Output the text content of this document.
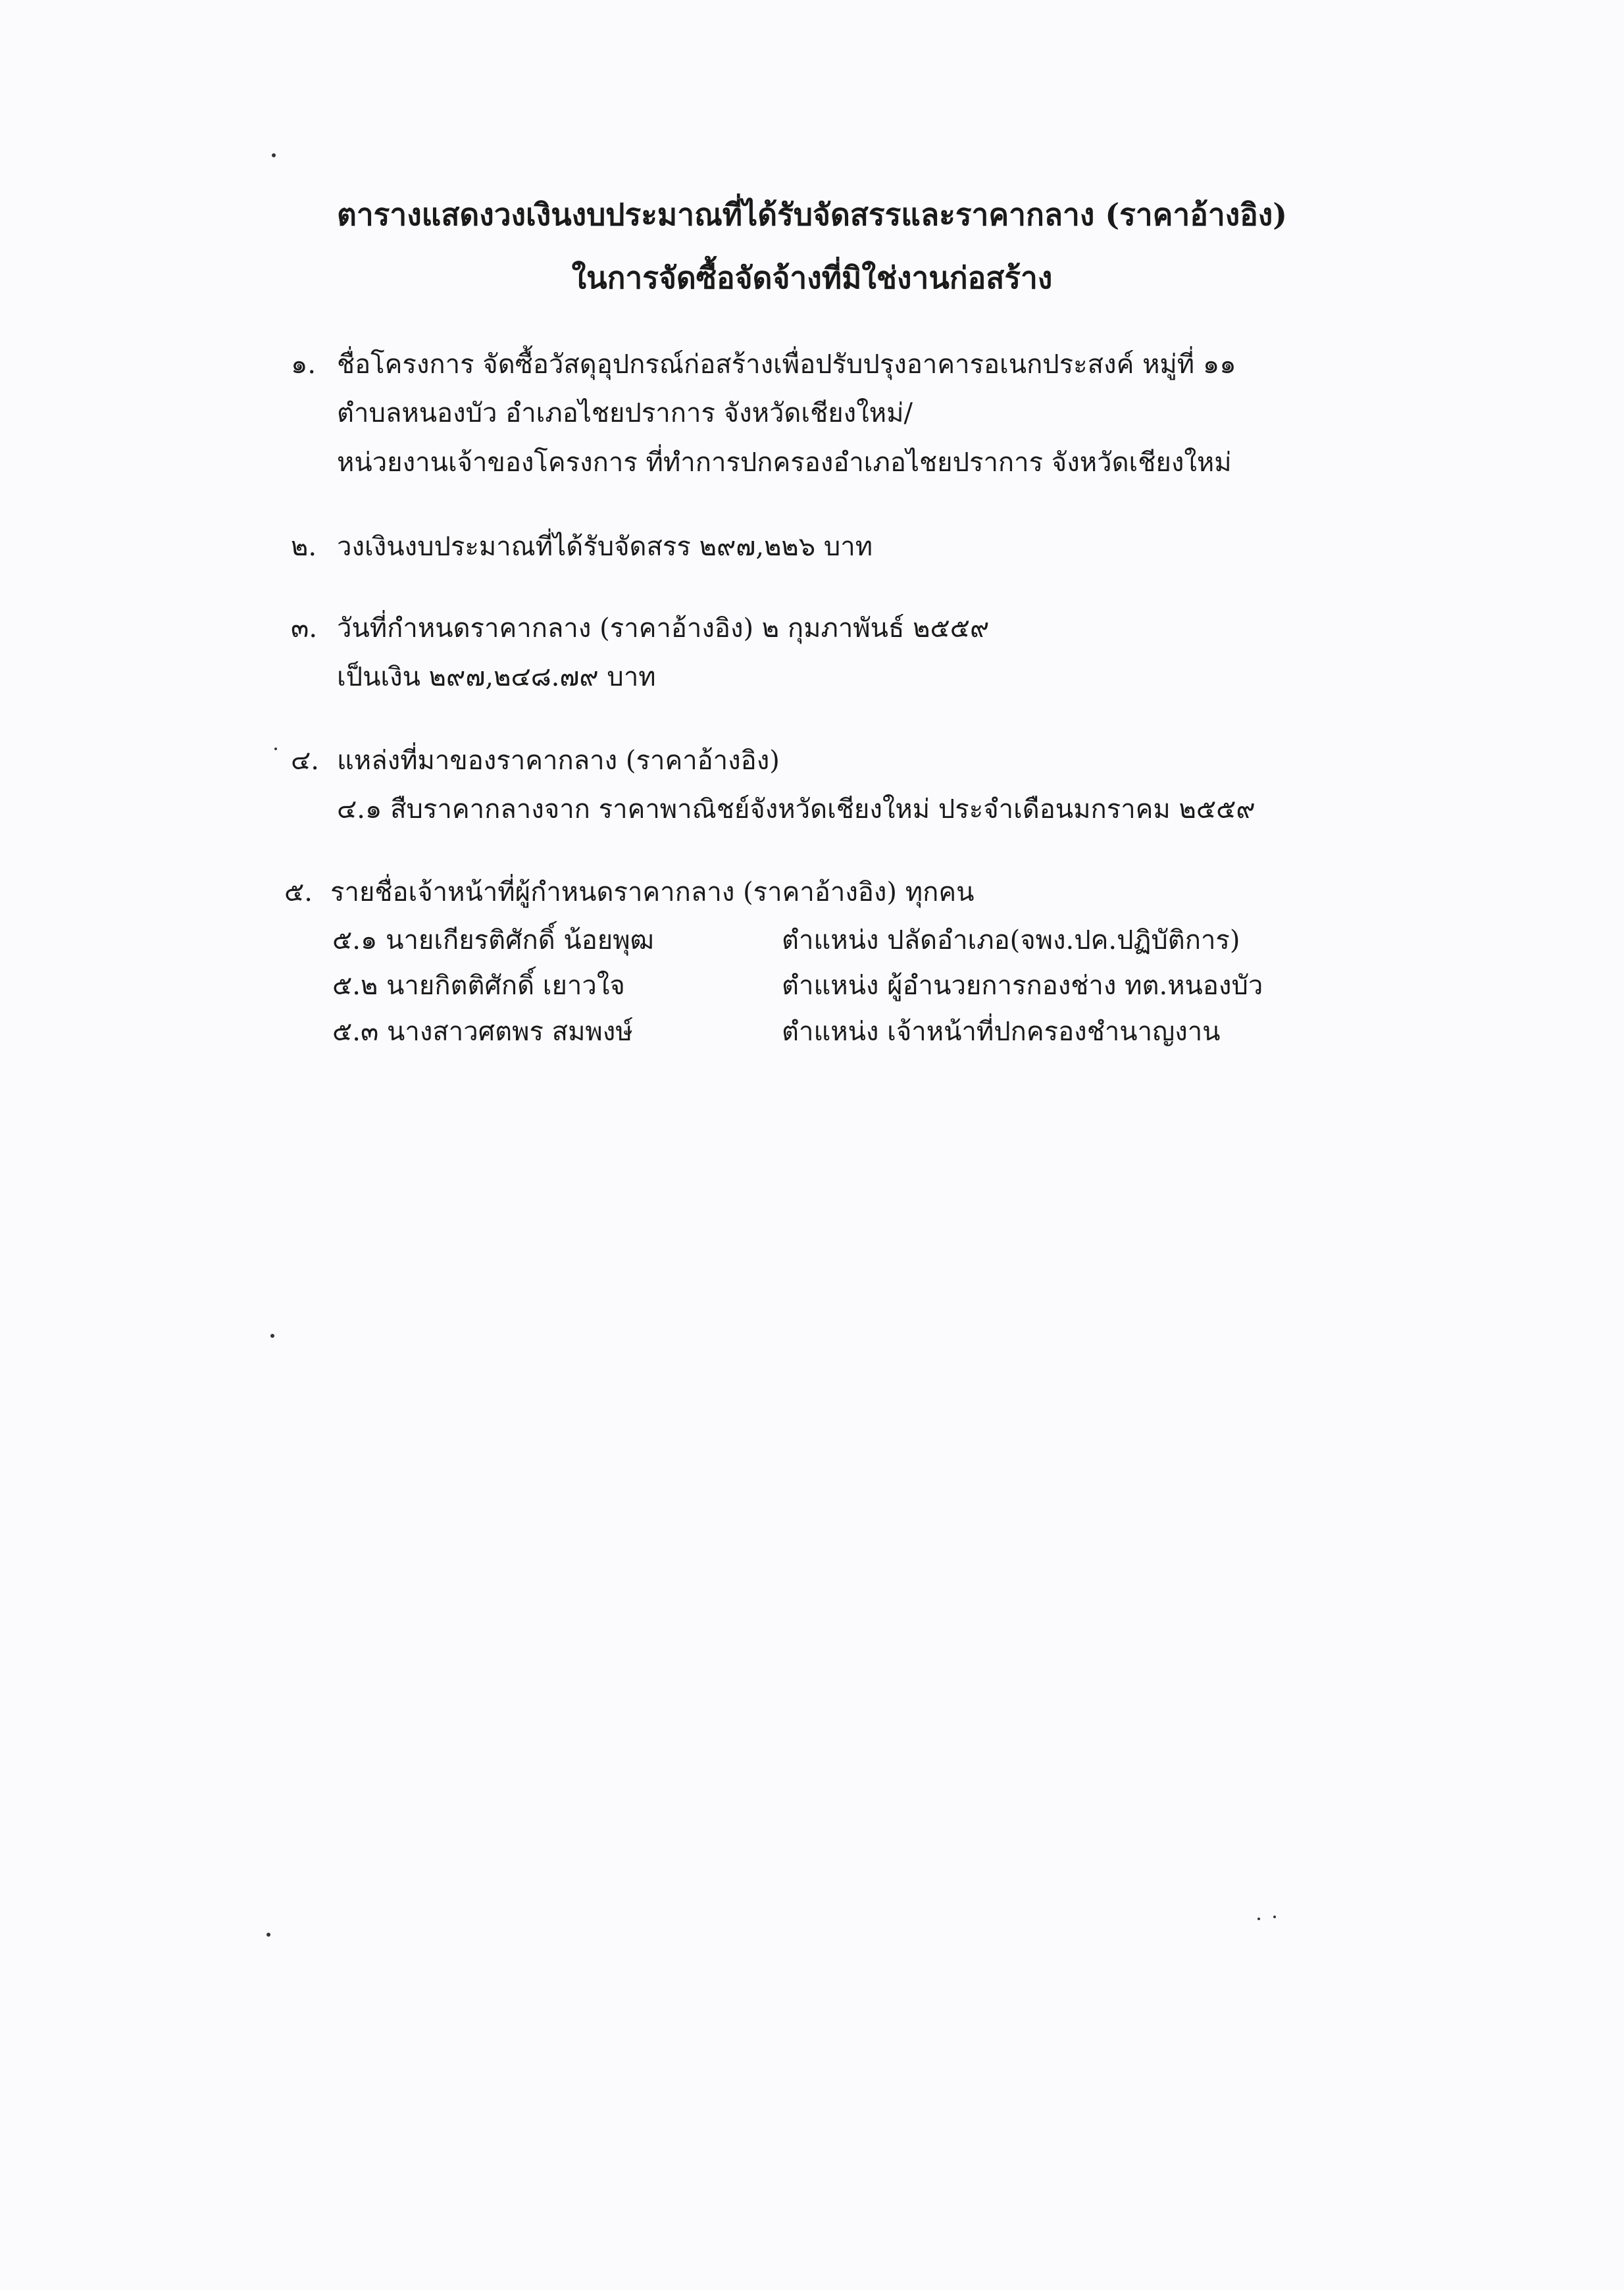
ตารางแสดงวงเงินงบประมาณที่ได้รับจัดสรรและราคากลาง (ราคาอ้างอิง)
ในการจัดซื้อจัดจ้างที่มิใช่งานก่อสร้าง
๑. ชื่อโครงการ จัดซื้อวัสดุอุปกรณ์ก่อสร้างเพื่อปรับปรุงอาคารอเนกประสงค์ หมู่ที่ ๑๑
ตำบลหนองบัว อำเภอไชยปราการ จังหวัดเชียงใหม่/
หน่วยงานเจ้าของโครงการ ที่ทำการปกครองอำเภอไชยปราการ จังหวัดเชียงใหม่
๒. วงเงินงบประมาณที่ได้รับจัดสรร ๒๙๗,๒๒๖ บาท
๓. วันที่กำหนดราคากลาง (ราคาอ้างอิง) ๒ กุมภาพันธ์ ๒๕๕๙
เป็นเงิน ๒๙๗,๒๔๘.๗๙ บาท
๔. แหล่งที่มาของราคากลาง (ราคาอ้างอิง)
๔.๑ สืบราคากลางจาก ราคาพาณิชย์จังหวัดเชียงใหม่ ประจำเดือนมกราคม ๒๕๕๙
๕. รายชื่อเจ้าหน้าที่ผู้กำหนดราคากลาง (ราคาอ้างอิง) ทุกคน
๕.๑ นายเกียรติศักดิ์ น้อยพุฒ	ตำแหน่ง ปลัดอำเภอ(จพง.ปค.ปฏิบัติการ)
๕.๒ นายกิตติศักดิ์ เยาวใจ	ตำแหน่ง ผู้อำนวยการกองช่าง ทต.หนองบัว
๕.๓ นางสาวศตพร สมพงษ์	ตำแหน่ง เจ้าหน้าที่ปกครองชำนาญงาน
